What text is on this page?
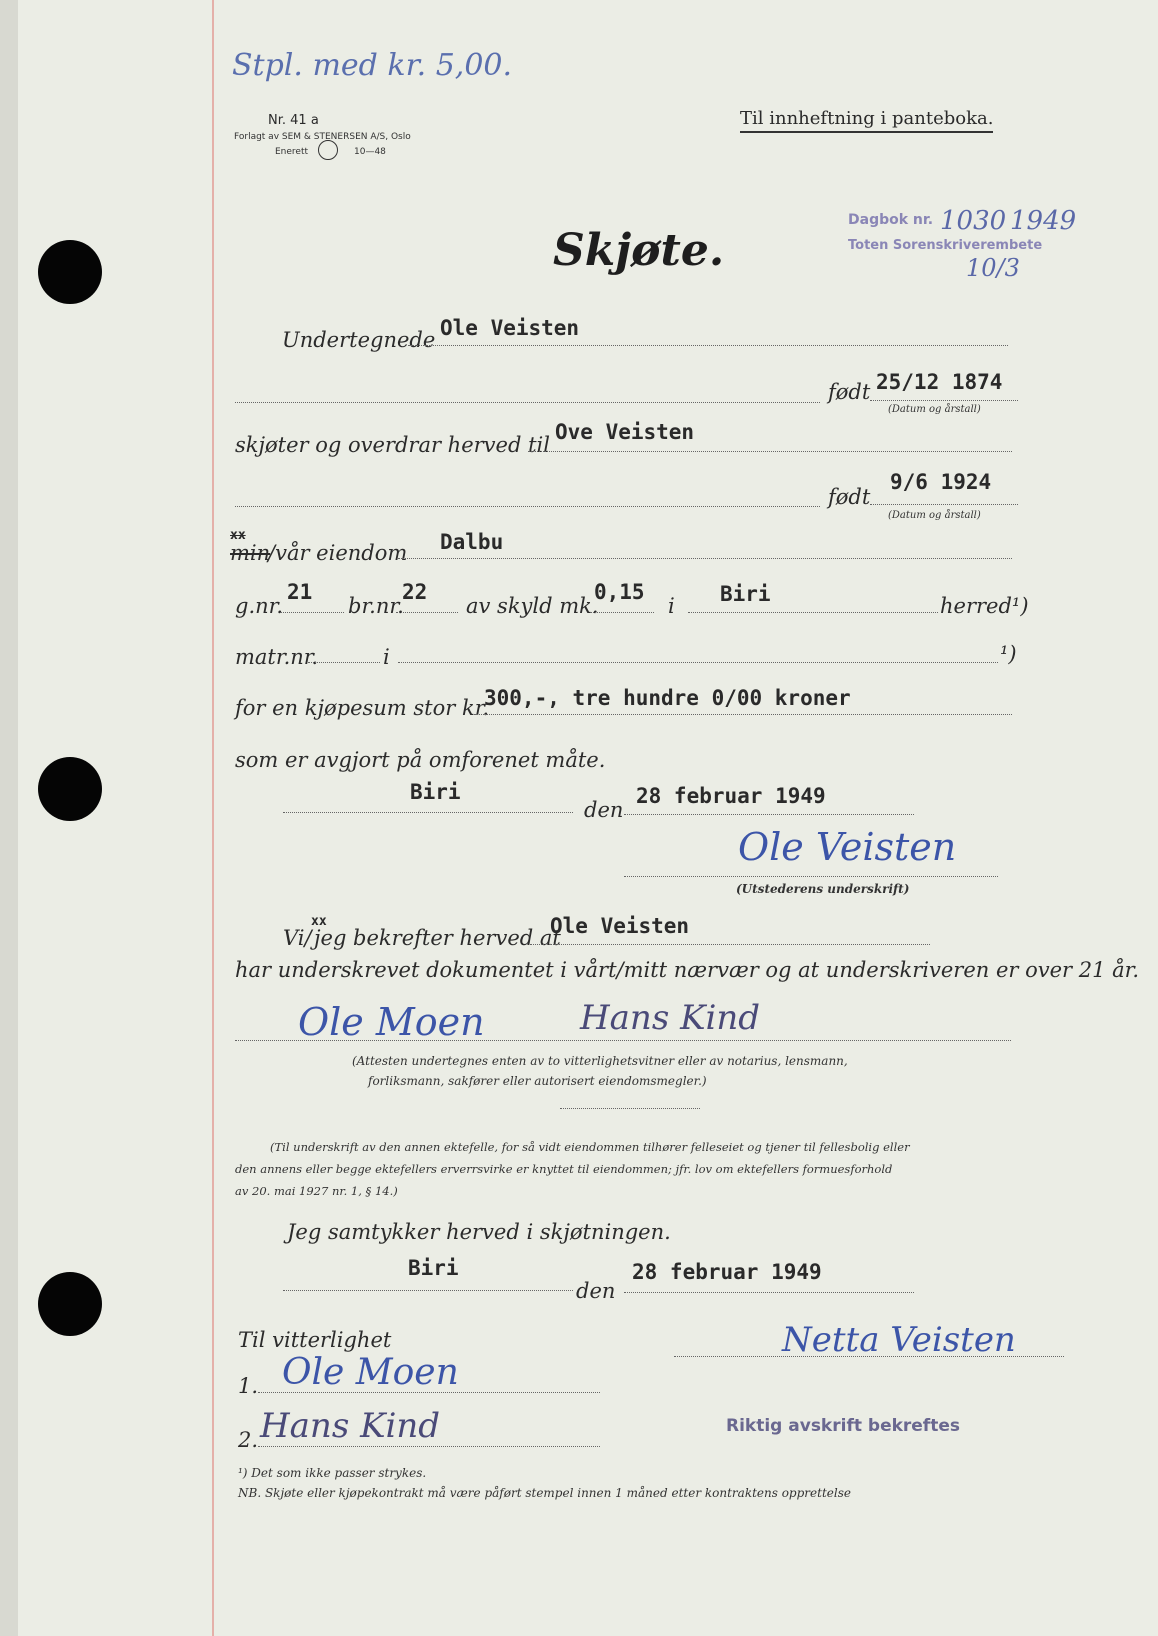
Stpl. med kr. 5,00.
Nr. 41 a
Forlagt av SEM & STENERSEN A/S, Oslo
Enerett	10—48
Til innheftning i panteboka.
Dagbok nr. 1030 1949
Toten Sorenskriverembete
10/3
Skjøte.
Undertegnede Ole Veisten
født 25/12 1874
(Datum og årstall)
skjøter og overdrar herved til
Ove Veisten
født
9/6 1924
(Datum og årstall)
xx
min
/vår eiendom Dalbu
g.nr.
21
br.nr.
22
av skyld mk.
0,15
i Biri	herred¹)
matr.nr.	i	¹)
for en kjøpesum stor kr.
300,-, tre hundre 0/00 kroner
som er avgjort på omforenet måte.
Biri
den
28 februar 1949
Ole Veisten
(Utstederens underskrift)
Vi/
xx
jeg bekrefter herved at
Ole Veisten
har underskrevet dokumentet i vårt/mitt nærvær og at underskriveren er over 21 år.
Ole Moen	Hans Kind
(Attesten undertegnes enten av to vitterlighetsvitner eller av notarius, lensmann,
forliksmann, sakfører eller autorisert eiendomsmegler.)
(Til underskrift av den annen ektefelle, for så vidt eiendommen tilhører felleseiet og tjener til fellesbolig eller
den annens eller begge ektefellers erverrsvirke er knyttet til eiendommen; jfr. lov om ektefellers formuesforhold
av 20. mai 1927 nr. 1, § 14.)
Jeg samtykker herved i skjøtningen.
Biri
den
28 februar 1949
Til vitterlighet	Netta Veisten
1. Ole Moen
2. Hans Kind	Riktig avskrift bekreftes
¹) Det som ikke passer strykes.
NB. Skjøte eller kjøpekontrakt må være påført stempel innen 1 måned etter kontraktens opprettelse
